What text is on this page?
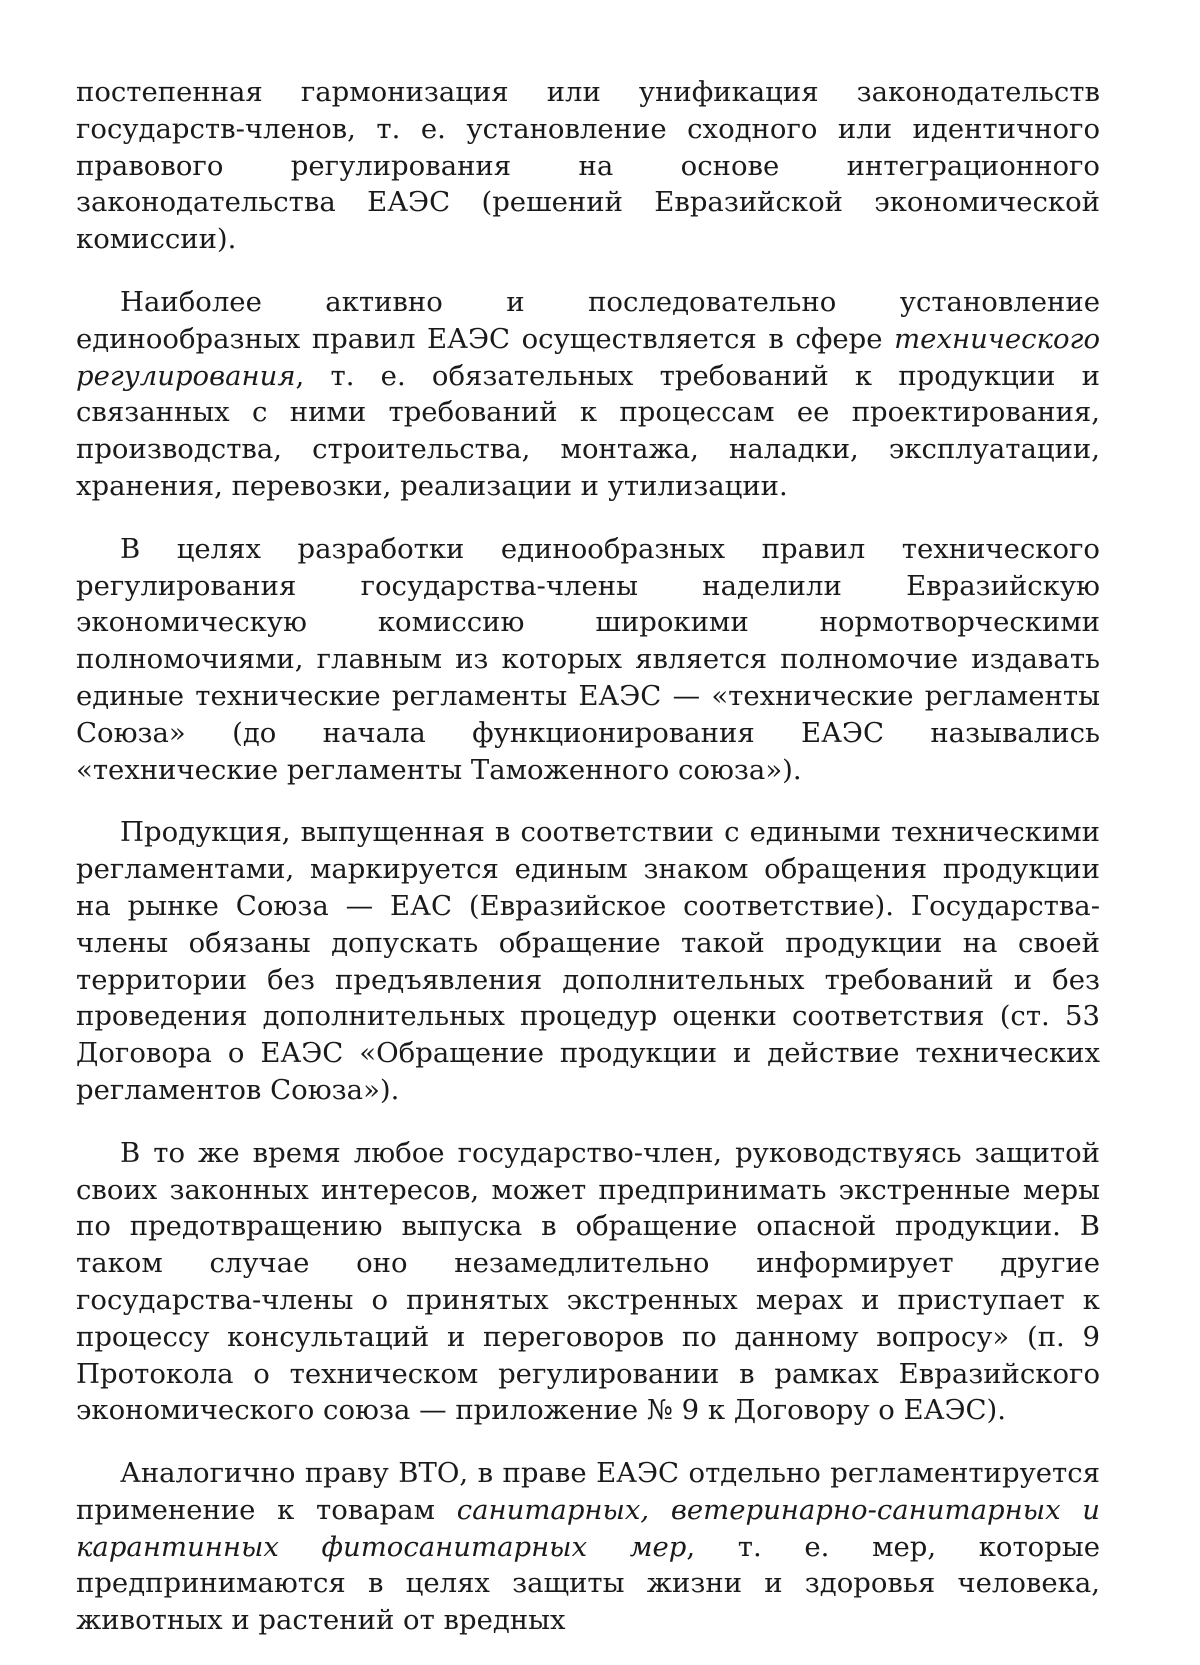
постепенная гармонизация или унификация законодательств государств-членов, т. е. установление сходного или идентичного правового регулирования на основе интеграционного законодательства ЕАЭС (решений Евразийской экономической комиссии).

Наиболее активно и последовательно установление единообразных правил ЕАЭС осуществляется в сфере технического регулирования, т. е. обязательных требований к продукции и связанных с ними требований к процессам ее проектирования, производства, строительства, монтажа, наладки, эксплуатации, хранения, перевозки, реализации и утилизации.

В целях разработки единообразных правил технического регулирования государства-члены наделили Евразийскую экономическую комиссию широкими нормотворческими полномочиями, главным из которых является полномочие издавать единые технические регламенты ЕАЭС — «технические регламенты Союза» (до начала функционирования ЕАЭС назывались «технические регламенты Таможенного союза»).

Продукция, выпущенная в соответствии с едиными техническими регламентами, маркируется единым знаком обращения продукции на рынке Союза — ЕАС (Евразийское соответствие). Государства-члены обязаны допускать обращение такой продукции на своей территории без предъявления дополнительных требований и без проведения дополнительных процедур оценки соответствия (ст. 53 Договора о ЕАЭС «Обращение продукции и действие технических регламентов Союза»).

В то же время любое государство-член, руководствуясь защитой своих законных интересов, может предпринимать экстренные меры по предотвращению выпуска в обращение опасной продукции. В таком случае оно незамедлительно информирует другие государства-члены о принятых экстренных мерах и приступает к процессу консультаций и переговоров по данному вопросу» (п. 9 Протокола о техническом регулировании в рамках Евразийского экономического союза — приложение № 9 к Договору о ЕАЭС).

Аналогично праву ВТО, в праве ЕАЭС отдельно регламентируется применение к товарам санитарных, ветеринарно-санитарных и карантинных фитосанитарных мер, т. е. мер, которые предпринимаются в целях защиты жизни и здоровья человека, животных и растений от вредных
